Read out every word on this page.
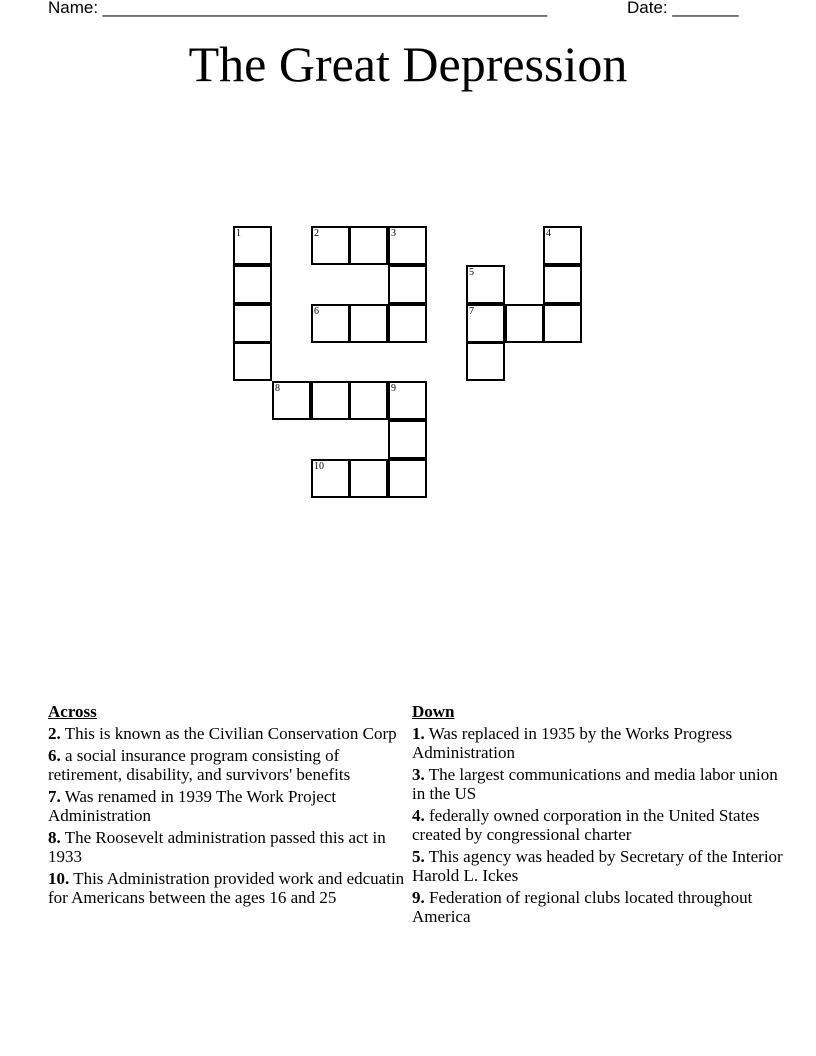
Name: _______________________________________________	Date: _______
The Great Depression
1	2	3
6
8	9
10
4
5
7
Across
2. This is known as the Civilian Conservation Corp
6. a social insurance program consisting of retirement, disability, and survivors' benefits
7. Was renamed in 1939 The Work Project Administration
8. The Roosevelt administration passed this act in 1933
10. This Administration provided work and edcuatin for Americans between the ages 16 and 25
Down
1. Was replaced in 1935 by the Works Progress Administration
3. The largest communications and media labor union in the US
4. federally owned corporation in the United States created by congressional charter
5. This agency was headed by Secretary of the Interior Harold L. Ickes
9. Federation of regional clubs located throughout America
